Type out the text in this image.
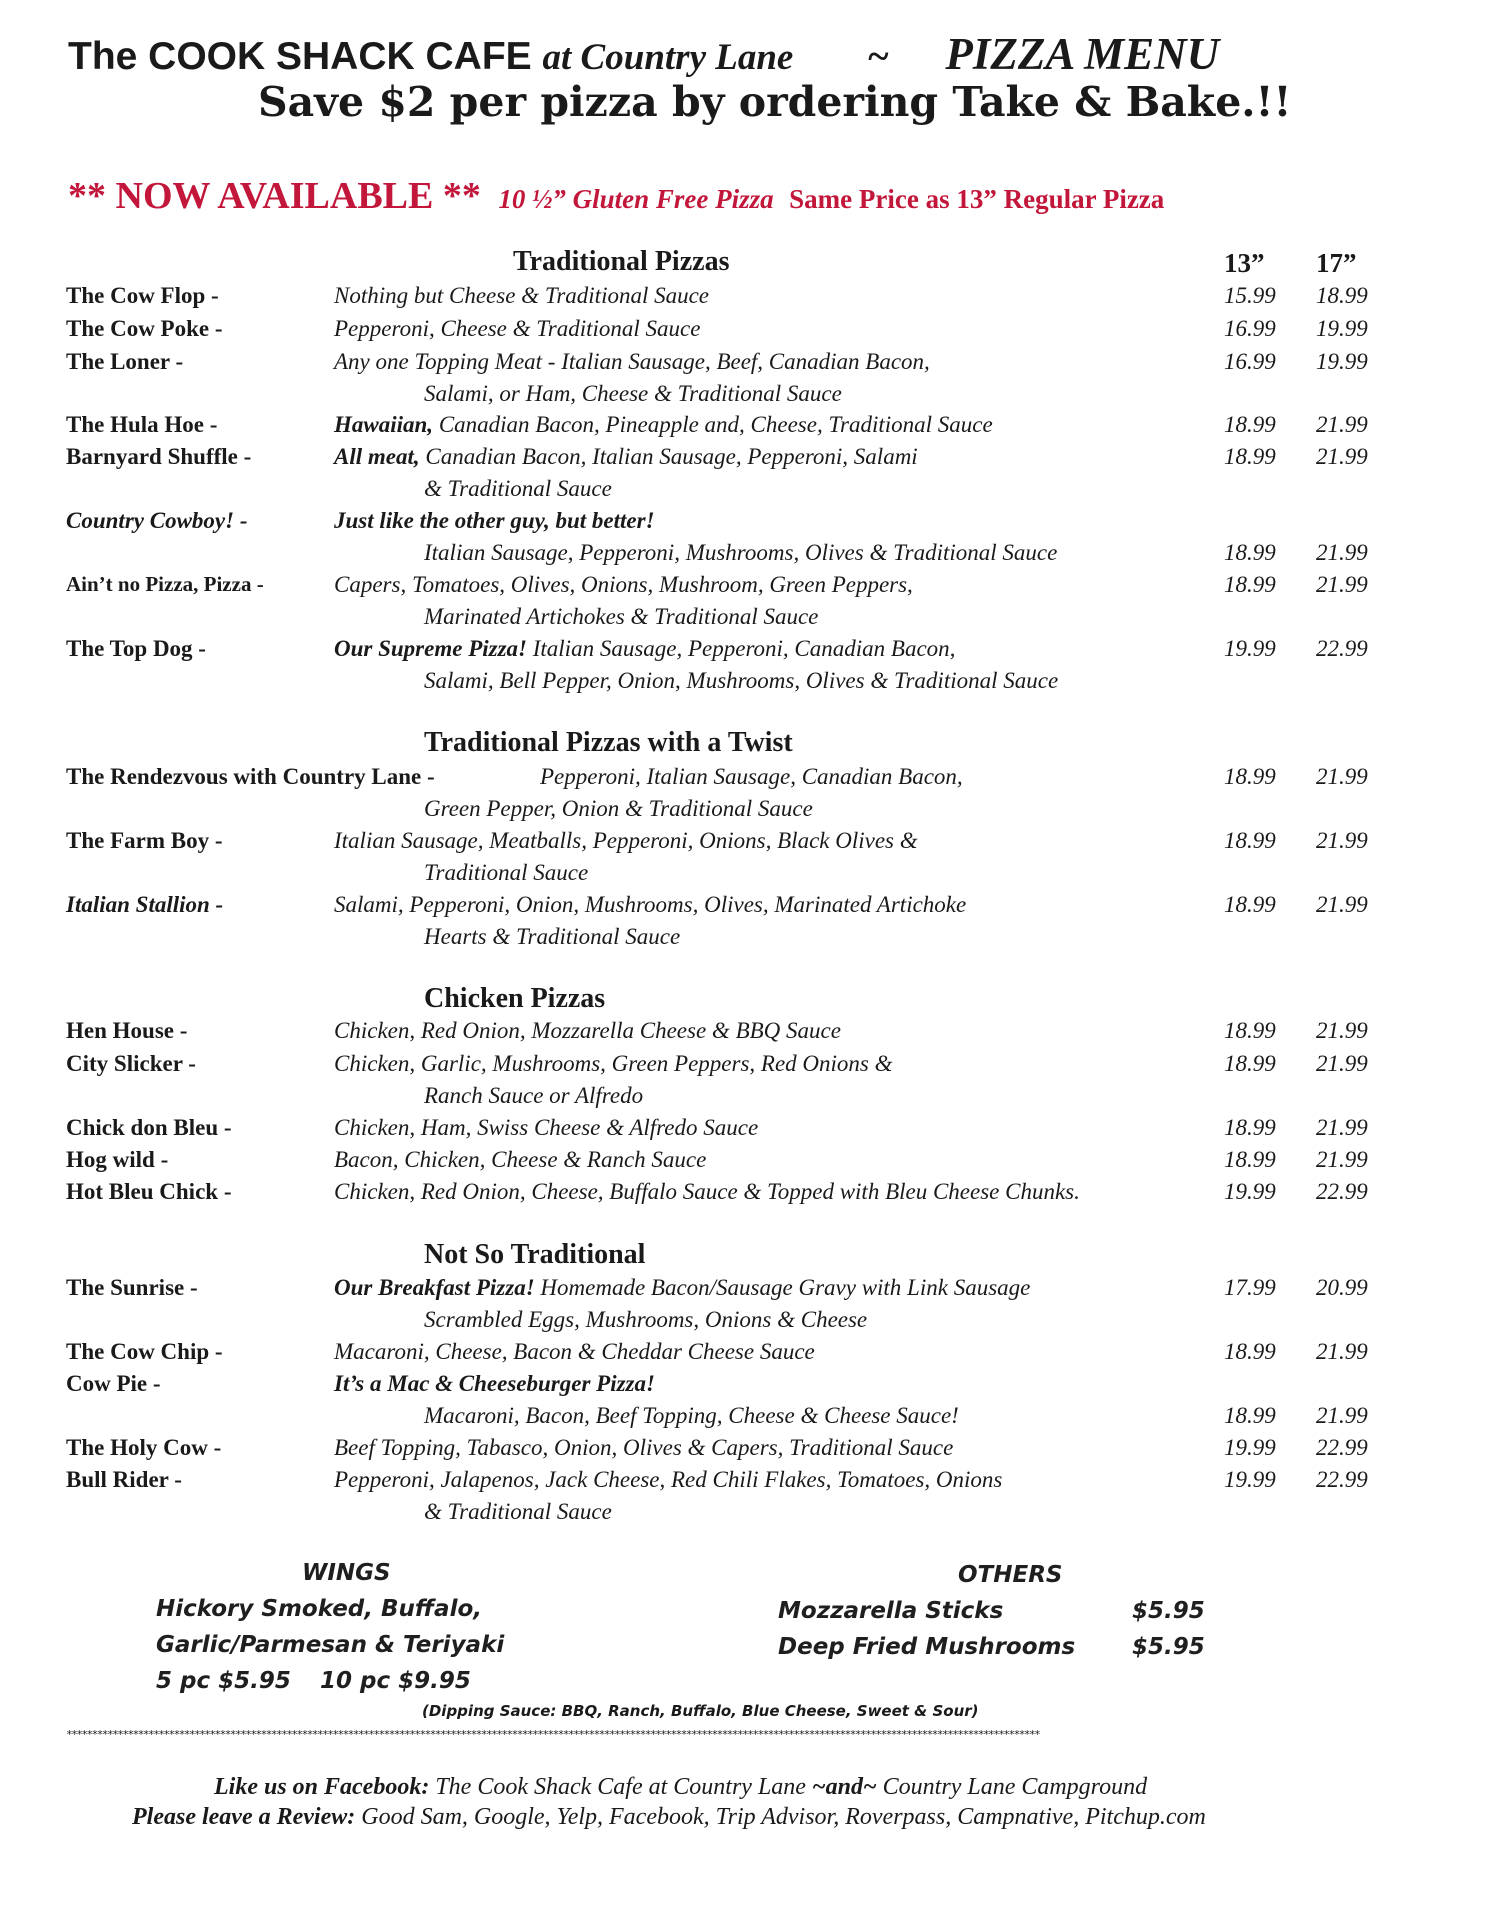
The COOK SHACK CAFE at Country Lane ~ PIZZA MENU
Save $2 per pizza by ordering Take & Bake.!!
** NOW AVAILABLE ** 10 ½” Gluten Free Pizza Same Price as 13” Regular Pizza
Traditional Pizzas	13” 17”
Traditional Pizzas with a Twist
Chicken Pizzas
Not So Traditional
The Cow Flop -	Nothing but Cheese & Traditional Sauce	15.99 18.99
The Cow Poke -	Pepperoni, Cheese & Traditional Sauce	16.99 19.99
The Loner -	Any one Topping Meat - Italian Sausage, Beef, Canadian Bacon,	16.99 19.99
Salami, or Ham, Cheese & Traditional Sauce
The Hula Hoe -	Hawaiian, Canadian Bacon, Pineapple and, Cheese, Traditional Sauce	18.99 21.99
Barnyard Shuffle -	All meat, Canadian Bacon, Italian Sausage, Pepperoni, Salami	18.99 21.99
& Traditional Sauce
Country Cowboy! -	Just like the other guy, but better!
Italian Sausage, Pepperoni, Mushrooms, Olives & Traditional Sauce	18.99 21.99
Ain’t no Pizza, Pizza -	Capers, Tomatoes, Olives, Onions, Mushroom, Green Peppers,	18.99 21.99
Marinated Artichokes & Traditional Sauce
The Top Dog -	Our Supreme Pizza! Italian Sausage, Pepperoni, Canadian Bacon,	19.99 22.99
Salami, Bell Pepper, Onion, Mushrooms, Olives & Traditional Sauce
The Rendezvous with Country Lane -	Pepperoni, Italian Sausage, Canadian Bacon,	18.99 21.99
Green Pepper, Onion & Traditional Sauce
The Farm Boy -	Italian Sausage, Meatballs, Pepperoni, Onions, Black Olives &	18.99 21.99
Traditional Sauce
Italian Stallion -	Salami, Pepperoni, Onion, Mushrooms, Olives, Marinated Artichoke	18.99 21.99
Hearts & Traditional Sauce
Hen House -	Chicken, Red Onion, Mozzarella Cheese & BBQ Sauce	18.99 21.99
City Slicker -	Chicken, Garlic, Mushrooms, Green Peppers, Red Onions &	18.99 21.99
Ranch Sauce or Alfredo
Chick don Bleu -	Chicken, Ham, Swiss Cheese & Alfredo Sauce	18.99 21.99
Hog wild -	Bacon, Chicken, Cheese & Ranch Sauce	18.99 21.99
Hot Bleu Chick -	Chicken, Red Onion, Cheese, Buffalo Sauce & Topped with Bleu Cheese Chunks.	19.99 22.99
The Sunrise -	Our Breakfast Pizza! Homemade Bacon/Sausage Gravy with Link Sausage	17.99 20.99
Scrambled Eggs, Mushrooms, Onions & Cheese
The Cow Chip -	Macaroni, Cheese, Bacon & Cheddar Cheese Sauce	18.99 21.99
Cow Pie -	It’s a Mac & Cheeseburger Pizza!
Macaroni, Bacon, Beef Topping, Cheese & Cheese Sauce!	18.99 21.99
The Holy Cow -	Beef Topping, Tabasco, Onion, Olives & Capers, Traditional Sauce	19.99 22.99
Bull Rider -	Pepperoni, Jalapenos, Jack Cheese, Red Chili Flakes, Tomatoes, Onions	19.99 22.99
& Traditional Sauce
WINGS
Hickory Smoked, Buffalo,
Garlic/Parmesan & Teriyaki
5 pc $5.95 10 pc $9.95
OTHERS
Mozzarella Sticks	$5.95
Deep Fried Mushrooms $5.95
(Dipping Sauce: BBQ, Ranch, Buffalo, Blue Cheese, Sweet & Sour)
**********************************************************************************************************************************************************************************************
Like us on Facebook: The Cook Shack Cafe at Country Lane ~and~ Country Lane Campground
Please leave a Review: Good Sam, Google, Yelp, Facebook, Trip Advisor, Roverpass, Campnative, Pitchup.com
